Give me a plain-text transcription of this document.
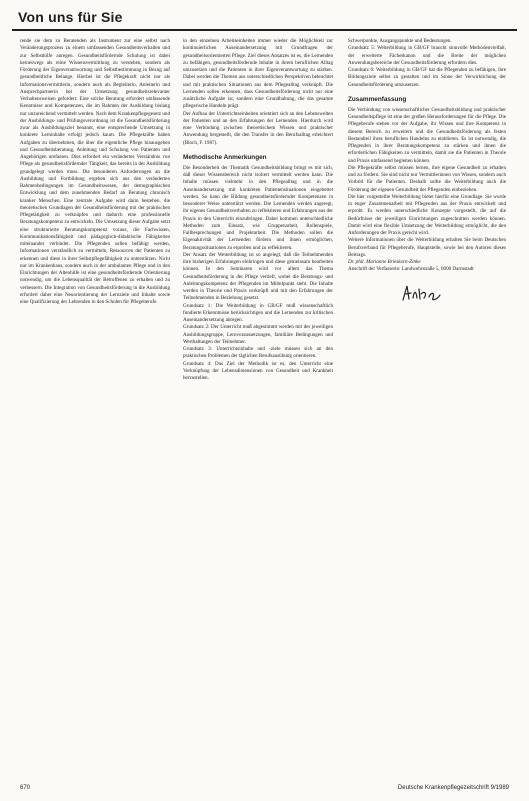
Von uns für Sie

rende sie dem zu Beratenden als Instrument zur eine selbst nach Veränderungsprozess zu einem umfassenden Gesundheitsverhalten und zur Selbsthilfe anregen. Gesundheitsfördernde Schulung ist dabei keineswegs als reine Wissensvermittlung zu verstehen, sondern als Förderung der Eigenverantwortung und Selbstbestimmung in Bezug auf gesundheitliche Belange. Hierbei ist die Pflegekraft nicht nur als Informationsvermittlerin, sondern auch als Begleiterin, Anleiterin und Ansprechpartnerin bei der Umsetzung gesundheitsrelevanter Verhaltensweisen gefordert. Eine solche Beratung erfordert umfassende Kenntnisse und Kompetenzen, die im Rahmen der Ausbildung bislang nur unzureichend vermittelt werden. Nach dem Krankenpflegegesetz und der Ausbildungs- und Prüfungsverordnung ist die Gesundheitsförderung zwar als Ausbildungsziel benannt, eine entsprechende Umsetzung in konkrete Lerninhalte erfolgt jedoch kaum. Die Pflegekräfte haben Aufgaben zu übernehmen, die über die eigentliche Pflege hinausgehen und Gesundheitsberatung, Anleitung und Schulung von Patienten und Angehörigen umfassen. Dies erfordert ein verändertes Verständnis von Pflege als gesundheitsfördernder Tätigkeit, das bereits in der Ausbildung grundgelegt werden muss. Die besonderen Anforderungen an die Ausbildung und Fortbildung ergeben sich aus den veränderten Rahmenbedingungen im Gesundheitswesen, der demographischen Entwicklung und dem zunehmenden Bedarf an Beratung chronisch kranker Menschen. Eine zentrale Aufgabe wird darin bestehen, die theoretischen Grundlagen der Gesundheitsförderung mit der praktischen Pflegetätigkeit zu verknüpfen und dadurch eine professionelle Beratungskompetenz zu entwickeln. Die Umsetzung dieser Aufgabe setzt eine strukturierte Beratungskompetenz voraus, die Fachwissen, Kommunikationsfähigkeit und pädagogisch-didaktische Fähigkeiten miteinander verbindet. Die Pflegenden sollen befähigt werden, Informationen verständlich zu vermitteln, Ressourcen der Patienten zu erkennen und diese in ihrer Selbstpflegefähigkeit zu unterstützen. Nicht nur im Krankenhaus, sondern auch in der ambulanten Pflege und in den Einrichtungen der Altenhilfe ist eine gesundheitsfördernde Orientierung notwendig, um die Lebensqualität der Betroffenen zu erhalten und zu verbessern. Die Integration von Gesundheitsförderung in die Ausbildung erfordert daher eine Neuorientierung der Lernziele und Inhalte sowie eine Qualifizierung der Lehrenden in den Schulen für Pflegeberufe.

in den einzelnen Arbeitseinheiten immer wieder die Möglichkeit zur kontinuierlichen Auseinandersetzung mit Grundfragen der gesundheitsorientierten Pflege. Ziel dieses Ansatzes ist es, die Lernenden zu befähigen, gesundheitsfördernde Inhalte in ihrem beruflichen Alltag umzusetzen und die Patienten in ihrer Eigenverantwortung zu stärken. Dabei werden die Themen aus unterschiedlichen Perspektiven beleuchtet und mit praktischen Situationen aus dem Pflegealltag verknüpft. Die Lernenden sollen erkennen, dass Gesundheitsförderung nicht nur eine zusätzliche Aufgabe ist, sondern eine Grundhaltung, die das gesamte pflegerische Handeln prägt.

Der Aufbau der Unterrichtseinheiten orientiert sich an den Lebenswelten der Patienten und an den Erfahrungen der Lernenden. Hierdurch wird eine Verbindung zwischen theoretischem Wissen und praktischer Anwendung hergestellt, die den Transfer in den Berufsalltag erleichtert (Bloch, F. 1987).

Methodische Anmerkungen

Die Besonderheit der Thematik Gesundheitsbildung bringt es mit sich, daß dieser Wissensbereich nicht isoliert vermittelt werden kann. Die Inhalte müssen vielmehr in den Pflegealltag und in die Auseinandersetzung mit konkreten Patientensituationen eingebettet werden. So kann die Bildung gesundheitsfördernder Kompetenzen in besonderer Weise unterstützt werden. Die Lernenden werden angeregt, ihr eigenes Gesundheitsverhalten zu reflektieren und Erfahrungen aus der Praxis in den Unterricht einzubringen. Dabei kommen unterschiedliche Methoden zum Einsatz, wie Gruppenarbeit, Rollenspiele, Fallbesprechungen und Projektarbeit. Die Methoden sollen die Eigenaktivität der Lernenden fördern und ihnen ermöglichen, Beratungssituationen zu erproben und zu reflektieren.

Der Ansatz der Weiterbildung ist so angelegt, daß die Teilnehmenden ihre bisherigen Erfahrungen einbringen und diese gemeinsam bearbeiten können. In den Seminaren wird vor allem das Thema Gesundheitsförderung in der Pflege vertieft, wobei die Beratungs- und Anleitungskompetenz der Pflegenden im Mittelpunkt steht. Die Inhalte werden in Theorie und Praxis verknüpft und mit den Erfahrungen der Teilnehmenden in Beziehung gesetzt.

Grundsatz 1: Die Weiterbildung in GB/GF muß wissenschaftlich fundierte Erkenntnisse berücksichtigen und die Lernenden zur kritischen Auseinandersetzung anregen.

Grundsatz 2: Der Unterricht muß abgestimmt werden mit der jeweiligen Ausbildungsgruppe, Lernvoraussetzungen, familiäre Bedingungen und Werthaltungen der Teilnehmer.

Grundsatz 3: Unterrichtsinhalte und -ziele müssen sich an den praktischen Problemen der täglichen Berufsausübung orientieren.

Grundsatz 4: Das Ziel der Methodik ist es, den Unterricht eine Verknüpfung der Lebensdimensionen von Gesundheit und Krankheit herzustellen.

Schwerpunkte, Ausgangspunkte und Bedeutungen.

Grundsatz 5: Weiterbildung in GB/GF braucht sinnvolle Methodenvielfalt, der erweiterte Fächerkanon und die Breite der möglichen Anwendungsbereiche der Gesundheitsförderung erfordern dies.

Grundsatz 6: Weiterbildung in GB/GF hat die Pflegenden zu befähigen, ihre Bildungsziele selbst zu gestalten und im Sinne der Verwirklichung der Gesundheitsförderung umzusetzen.

Zusammenfassung

Die Verbindung von wissenschaftlicher Gesundheitsbildung und praktischer Gesundheitspflege ist eine der großen Herausforderungen für die Pflege. Die Pflegeberufe stehen vor der Aufgabe, ihr Wissen und ihre Kompetenz in diesem Bereich zu erweitern und die Gesundheitsförderung als festen Bestandteil ihres beruflichen Handelns zu etablieren. Es ist notwendig, die Pflegenden in ihrer Beratungskompetenz zu stärken und ihnen die erforderlichen Fähigkeiten zu vermitteln, damit sie die Patienten in Theorie und Praxis umfassend begleiten können.

Die Pflegekräfte selbst müssen lernen, ihre eigene Gesundheit zu erhalten und zu fördern. Sie sind nicht nur Vermittlerinnen von Wissen, sondern auch Vorbild für die Patienten. Deshalb sollte die Weiterbildung auch die Förderung der eigenen Gesundheit der Pflegenden einbeziehen.

Die hier vorgestellte Weiterbildung bietet hierfür eine Grundlage. Sie wurde in enger Zusammenarbeit mit Pflegenden aus der Praxis entwickelt und erprobt. Es werden unterschiedliche Konzepte vorgestellt, die auf die Bedürfnisse der jeweiligen Einrichtungen zugeschnitten werden können. Damit wird eine flexible Umsetzung der Weiterbildung ermöglicht, die den Anforderungen der Praxis gerecht wird.

Weitere Informationen über die Weiterbildung erhalten Sie beim Deutschen Berufsverband für Pflegeberufe, Hauptstelle, sowie bei den Autoren dieses Beitrags.

Dr. phil. Marianne Brieskorn-Zinke

Anschrift der Verfasserin: Landwehrstraße 5, 6000 Darmstadt

670	Deutsche Krankenpflegezeitschrift 9/1989
